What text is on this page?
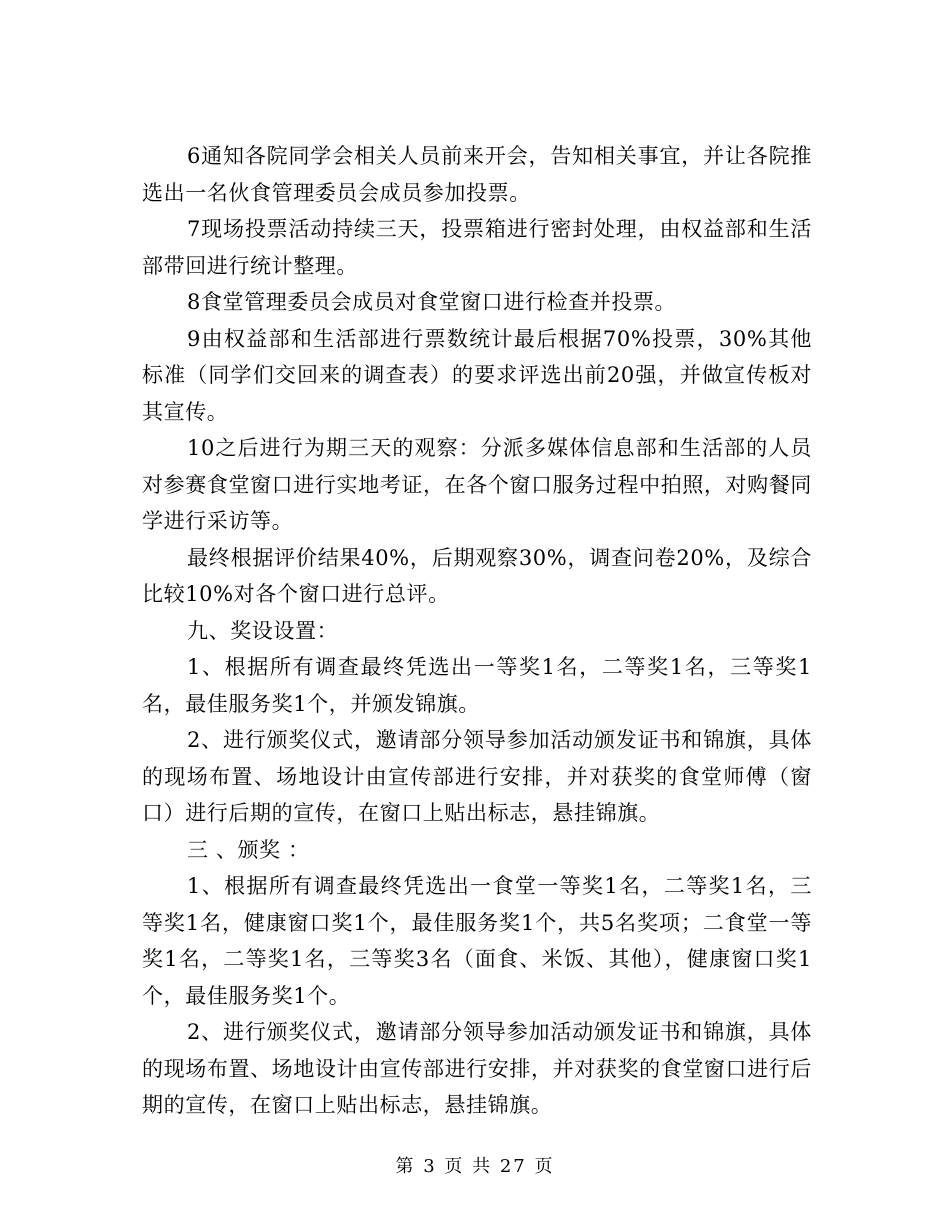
6通知各院同学会相关人员前来开会，告知相关事宜，并让各院推选出一名伙食管理委员会成员参加投票。

7现场投票活动持续三天，投票箱进行密封处理，由权益部和生活部带回进行统计整理。

8食堂管理委员会成员对食堂窗口进行检查并投票。

9由权益部和生活部进行票数统计最后根据70%投票，30%其他标准（同学们交回来的调查表）的要求评选出前20强，并做宣传板对其宣传。

10之后进行为期三天的观察：分派多媒体信息部和生活部的人员对参赛食堂窗口进行实地考证，在各个窗口服务过程中拍照，对购餐同学进行采访等。

最终根据评价结果40%，后期观察30%，调查问卷20%，及综合比较10%对各个窗口进行总评。

九、奖设设置：

1、根据所有调查最终凭选出一等奖1名，二等奖1名，三等奖1名，最佳服务奖1个，并颁发锦旗。

2、进行颁奖仪式，邀请部分领导参加活动颁发证书和锦旗，具体的现场布置、场地设计由宣传部进行安排，并对获奖的食堂师傅（窗口）进行后期的宣传，在窗口上贴出标志，悬挂锦旗。

三 、颁奖 ：

1、根据所有调查最终凭选出一食堂一等奖1名，二等奖1名，三等奖1名，健康窗口奖1个，最佳服务奖1个，共5名奖项；二食堂一等奖1名，二等奖1名，三等奖3名（面食、米饭、其他），健康窗口奖1个，最佳服务奖1个。

2、进行颁奖仪式，邀请部分领导参加活动颁发证书和锦旗，具体的现场布置、场地设计由宣传部进行安排，并对获奖的食堂窗口进行后期的宣传，在窗口上贴出标志，悬挂锦旗。

第 3 页 共 27 页
